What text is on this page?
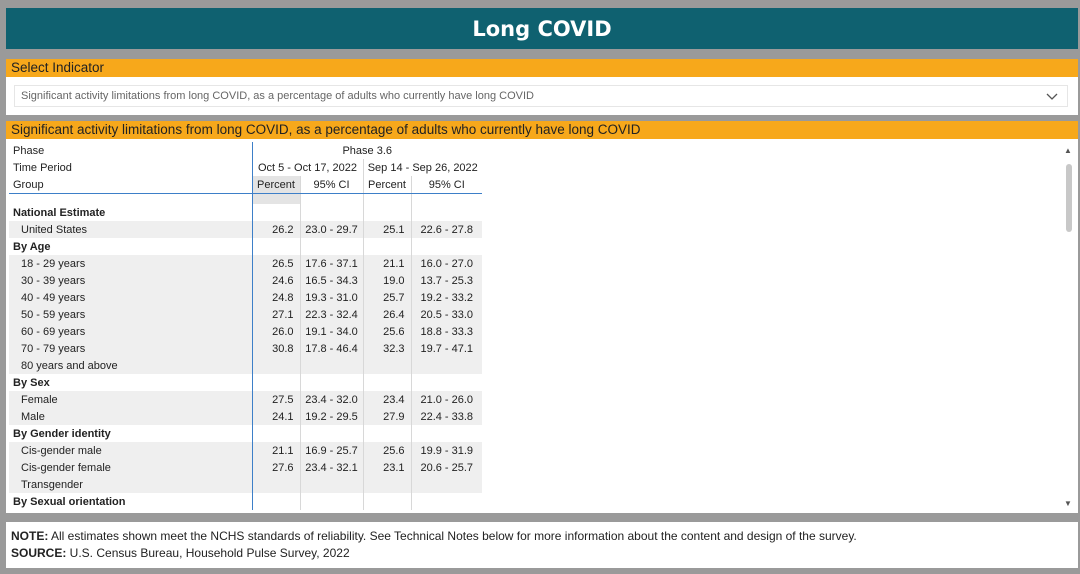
Long COVID
Select Indicator
Significant activity limitations from long COVID, as a percentage of adults who currently have long COVID
Significant activity limitations from long COVID, as a percentage of adults who currently have long COVID
Phase	Phase 3.6			
Time Period	Oct 5 - Oct 17, 2022		Sep 14 - Sep 26, 2022	
Group	Percent	95% CI	Percent	95% CI

National Estimate				
United States	26.2	23.0 - 29.7	25.1	22.6 - 27.8
By Age				
18 - 29 years	26.5	17.6 - 37.1	21.1	16.0 - 27.0
30 - 39 years	24.6	16.5 - 34.3	19.0	13.7 - 25.3
40 - 49 years	24.8	19.3 - 31.0	25.7	19.2 - 33.2
50 - 59 years	27.1	22.3 - 32.4	26.4	20.5 - 33.0
60 - 69 years	26.0	19.1 - 34.0	25.6	18.8 - 33.3
70 - 79 years	30.8	17.8 - 46.4	32.3	19.7 - 47.1
80 years and above				
By Sex				
Female	27.5	23.4 - 32.0	23.4	21.0 - 26.0
Male	24.1	19.2 - 29.5	27.9	22.4 - 33.8
By Gender identity				
Cis-gender male	21.1	16.9 - 25.7	25.6	19.9 - 31.9
Cis-gender female	27.6	23.4 - 32.1	23.1	20.6 - 25.7
Transgender				
By Sexual orientation				
▲
▼
NOTE: All estimates shown meet the NCHS standards of reliability. See Technical Notes below for more information about the content and design of the survey.
SOURCE: U.S. Census Bureau, Household Pulse Survey, 2022
